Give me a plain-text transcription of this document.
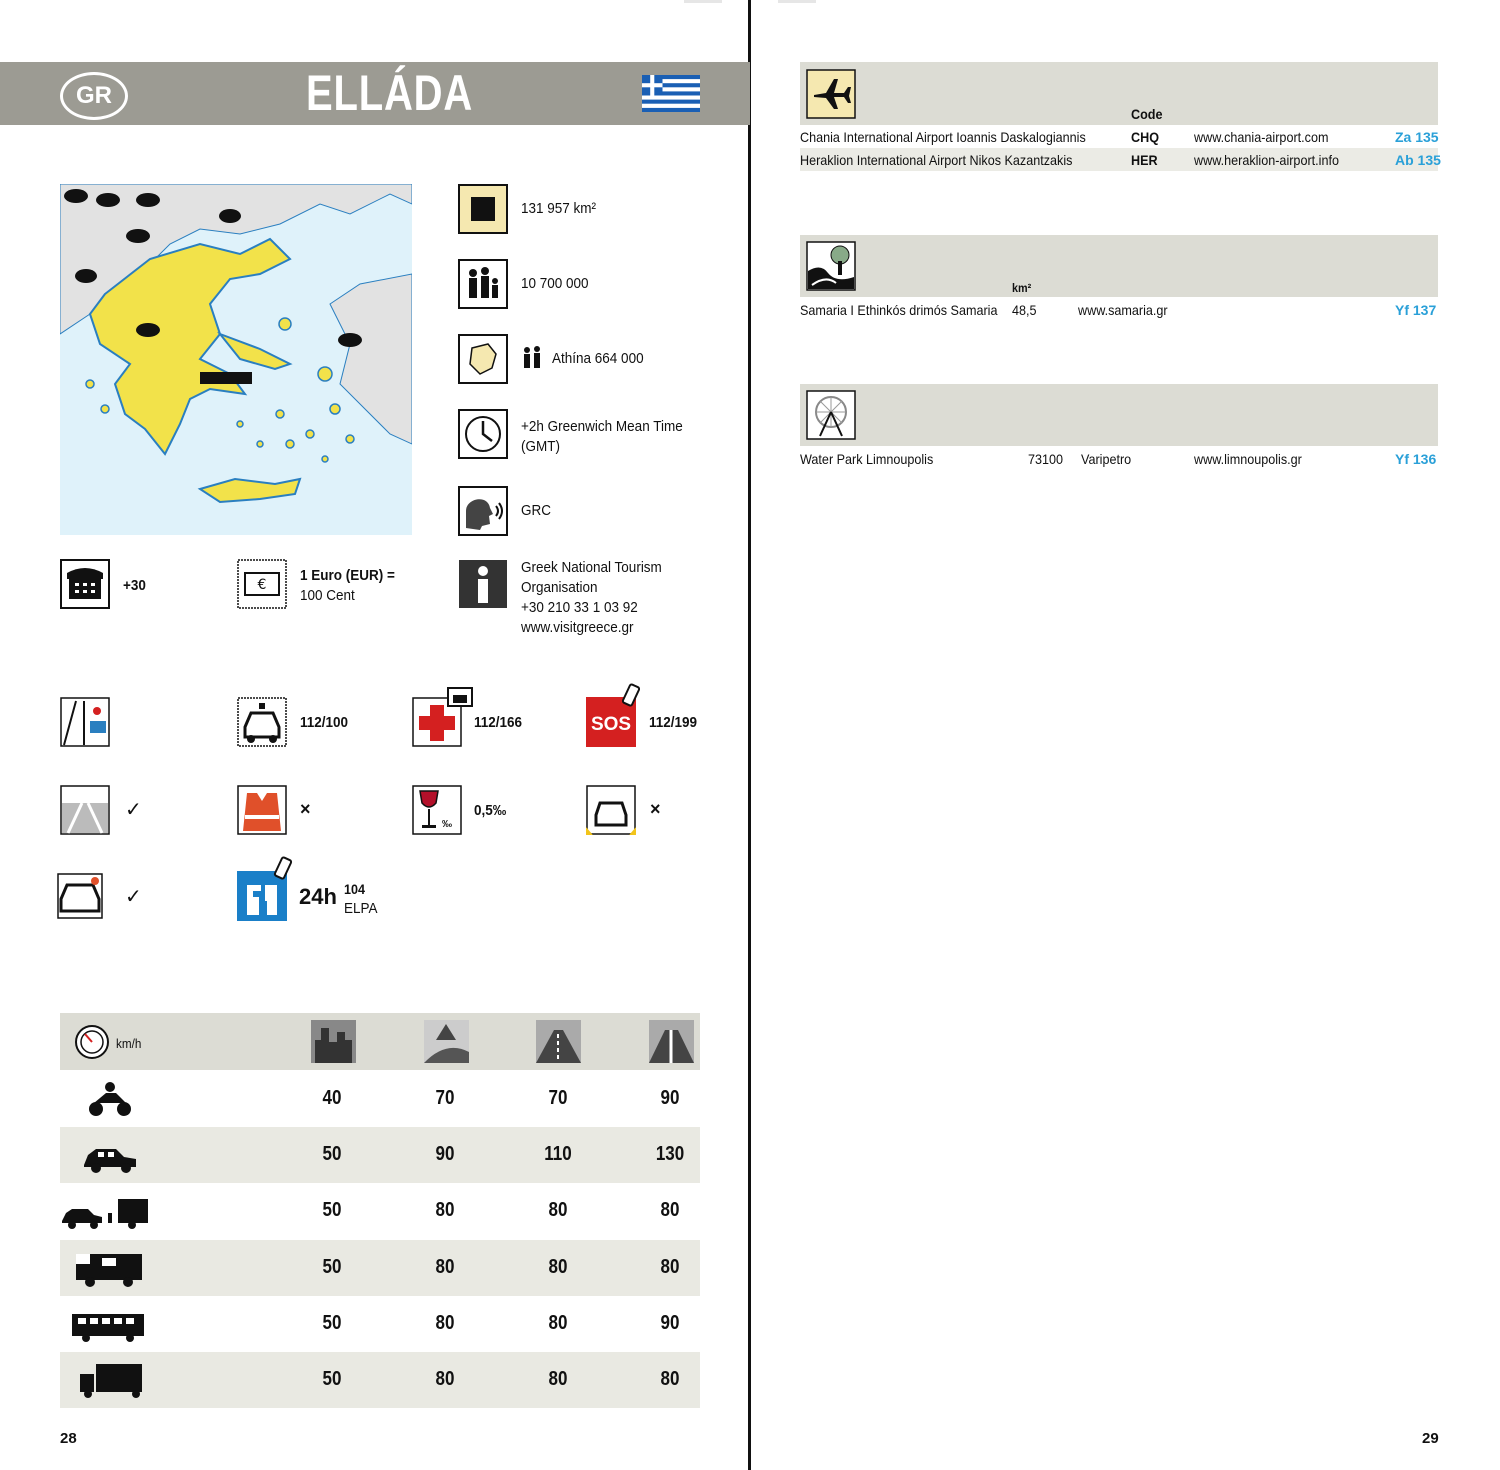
GR	ELLÁDA
131 957 km²
10 700 000
Athína 664 000
+2h Greenwich Mean Time (GMT)
GRC
+30	€
1 Euro (EUR) =
100 Cent
Greek National Tourism
Organisation
+30 210 33 1 03 92
www.visitgreece.gr
112/100	112/166	SOS 112/199
✓	×
‰
0,5‰	×
✓	24h 104
ELPA
km/h
40	70	70	90
50	90	110	130
50	80	80	80
50	80	80	80
50	80	80	90
50	80	80	80
28
Code
Chania International Airport Ioannis Daskalogiannis	CHQ www.chania-airport.com	Za 135
Heraklion International Airport Nikos Kazantzakis	HER	www.heraklion-airport.info	Ab 135
km²
Samaria I Ethinkós drimós Samaria 48,5	www.samaria.gr	Yf 137
Water Park Limnoupolis	73100 Varipetro	www.limnoupolis.gr	Yf 136
29
